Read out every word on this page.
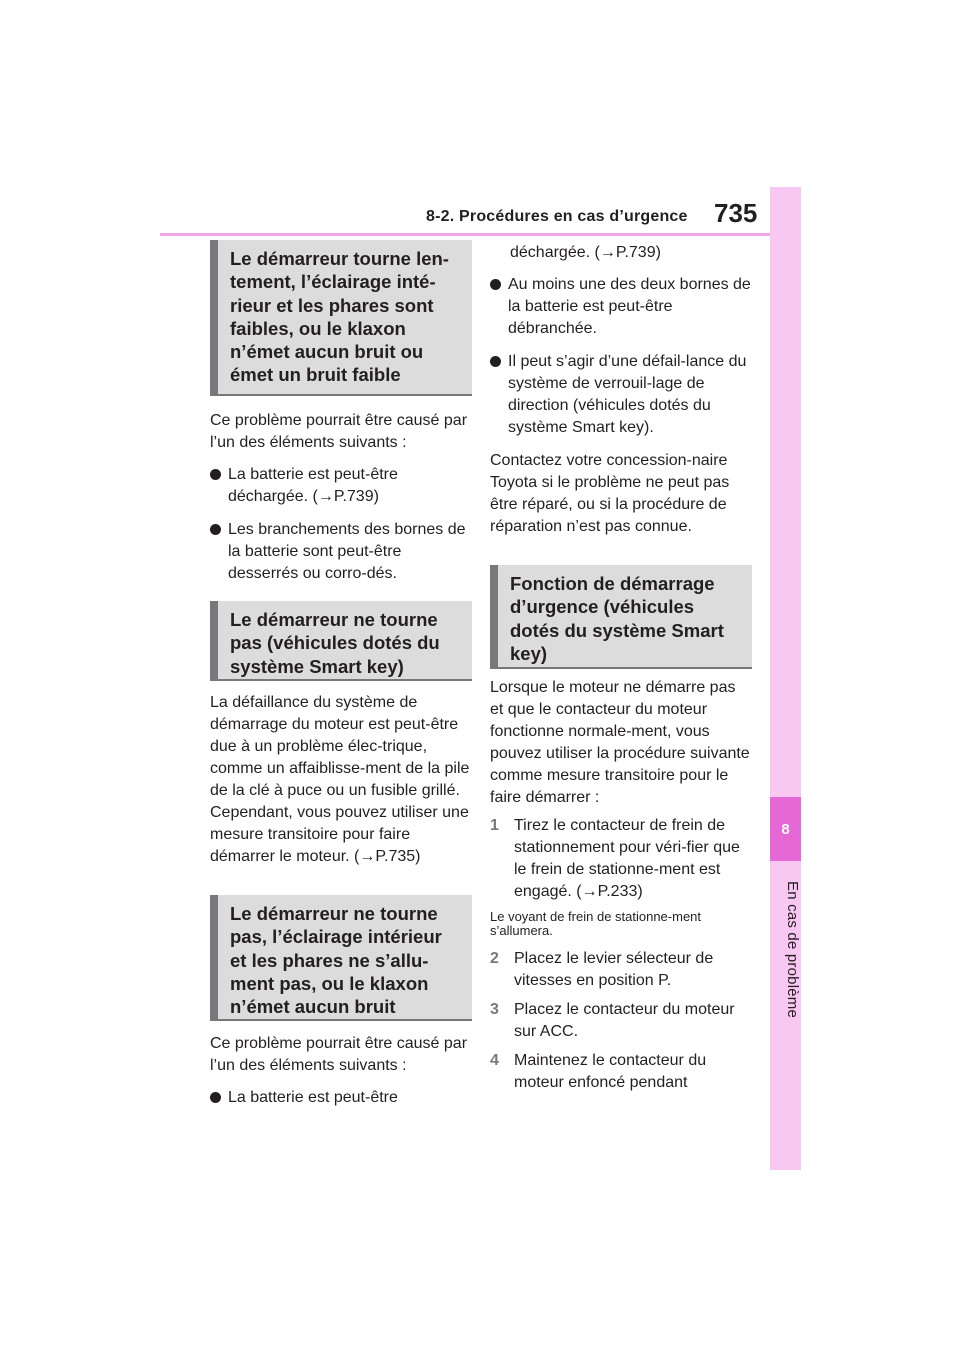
8-2. Procédures en cas d’urgence 735
8
En cas de problème
Le démarreur tourne len-
tement, l’éclairage inté-
rieur et les phares sont
faibles, ou le klaxon
n’émet aucun bruit ou
émet un bruit faible

Ce problème pourrait être causé par l’un des éléments suivants :

La batterie est peut-être déchargée. (→P.739)
Les branchements des bornes de la batterie sont peut-être desserrés ou corro-dés.
Le démarreur ne tourne
pas (véhicules dotés du
système Smart key)

La défaillance du système de démarrage du moteur est peut-être due à un problème élec-trique, comme un affaiblisse-ment de la pile de la clé à puce ou un fusible grillé. Cependant, vous pouvez utiliser une mesure transitoire pour faire démarrer le moteur. (→P.735)

Le démarreur ne tourne
pas, l’éclairage intérieur
et les phares ne s’allu-
ment pas, ou le klaxon
n’émet aucun bruit

Ce problème pourrait être causé par l’un des éléments suivants :

La batterie est peut-être
déchargée. (→P.739)
Au moins une des deux bornes de la batterie est peut-être débranchée.
Il peut s’agir d’une défail-lance du système de verrouil-lage de direction (véhicules dotés du système Smart key).

Contactez votre concession-naire Toyota si le problème ne peut pas être réparé, ou si la procédure de réparation n’est pas connue.

Fonction de démarrage
d’urgence (véhicules
dotés du système Smart
key)

Lorsque le moteur ne démarre pas et que le contacteur du moteur fonctionne normale-ment, vous pouvez utiliser la procédure suivante comme mesure transitoire pour le faire démarrer :

1 Tirez le contacteur de frein de stationnement pour véri-fier que le frein de stationne-ment est engagé. (→P.233)
Le voyant de frein de stationne-ment s’allumera.
2 Placez le levier sélecteur de vitesses en position P.
3 Placez le contacteur du moteur sur ACC.
4 Maintenez le contacteur du moteur enfoncé pendant
